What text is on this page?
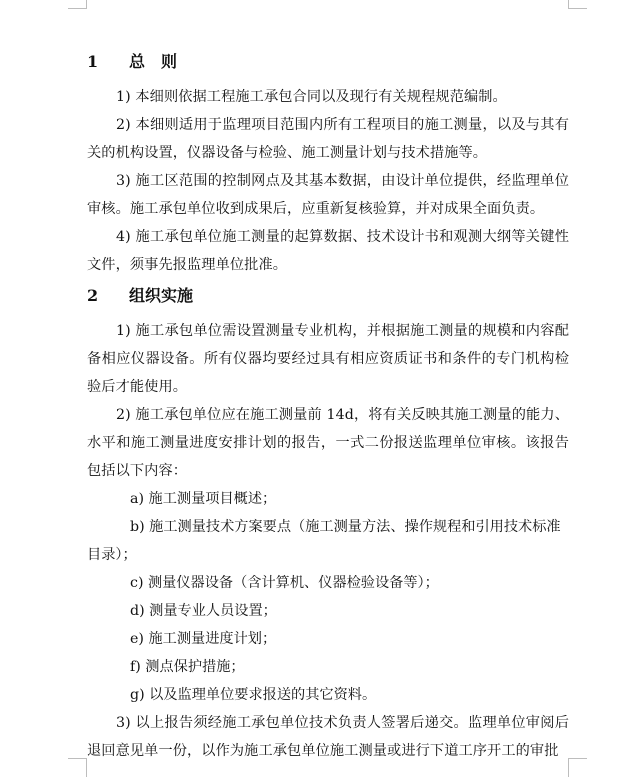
1	总　则

1) 本细则依据工程施工承包合同以及现行有关规程规范编制。

2) 本细则适用于监理项目范围内所有工程项目的施工测量，以及与其有关的机构设置，仪器设备与检验、施工测量计划与技术措施等。

3) 施工区范围的控制网点及其基本数据，由设计单位提供，经监理单位审核。施工承包单位收到成果后，应重新复核验算，并对成果全面负责。

4) 施工承包单位施工测量的起算数据、技术设计书和观测大纲等关键性文件，须事先报监理单位批准。

2	组织实施

1) 施工承包单位需设置测量专业机构，并根据施工测量的规模和内容配备相应仪器设备。所有仪器均要经过具有相应资质证书和条件的专门机构检验后才能使用。

2) 施工承包单位应在施工测量前 14d，将有关反映其施工测量的能力、水平和施工测量进度安排计划的报告，一式二份报送监理单位审核。该报告包括以下内容：

a) 施工测量项目概述；

b) 施工测量技术方案要点（施工测量方法、操作规程和引用技术标准目录）；

c) 测量仪器设备（含计算机、仪器检验设备等）；

d) 测量专业人员设置；

e) 施工测量进度计划；

f) 测点保护措施；

g) 以及监理单位要求报送的其它资料。

3) 以上报告须经施工承包单位技术负责人签署后递交。监理单位审阅后退回意见单一份，以作为施工承包单位施工测量或进行下道工序开工的审批
